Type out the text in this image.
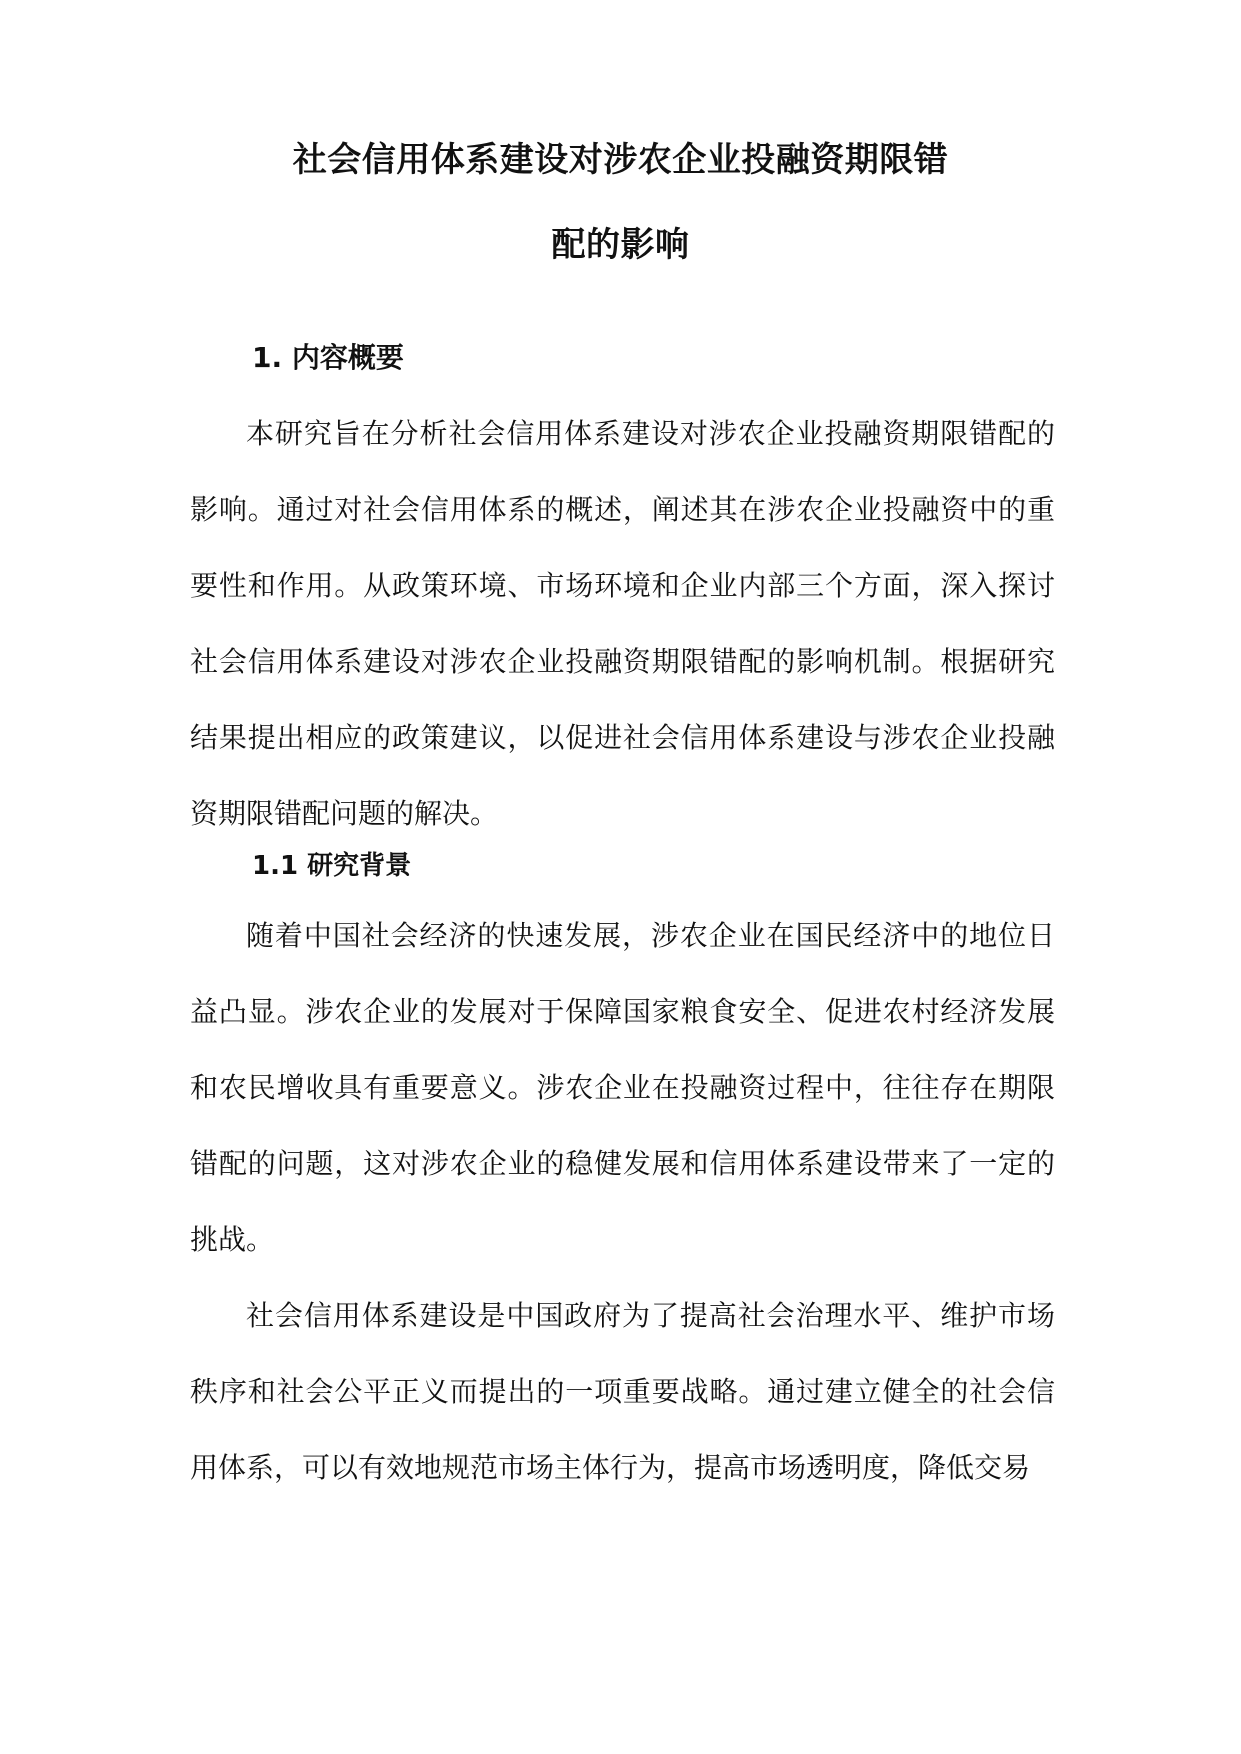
社会信用体系建设对涉农企业投融资期限错
配的影响
1. 内容概要

本研究旨在分析社会信用体系建设对涉农企业投融资期限错配的影响。通过对社会信用体系的概述，阐述其在涉农企业投融资中的重要性和作用。从政策环境、市场环境和企业内部三个方面，深入探讨社会信用体系建设对涉农企业投融资期限错配的影响机制。根据研究结果提出相应的政策建议，以促进社会信用体系建设与涉农企业投融资期限错配问题的解决。

1.1 研究背景

随着中国社会经济的快速发展，涉农企业在国民经济中的地位日益凸显。涉农企业的发展对于保障国家粮食安全、促进农村经济发展和农民增收具有重要意义。涉农企业在投融资过程中，往往存在期限错配的问题，这对涉农企业的稳健发展和信用体系建设带来了一定的挑战。

社会信用体系建设是中国政府为了提高社会治理水平、维护市场秩序和社会公平正义而提出的一项重要战略。通过建立健全的社会信用体系，可以有效地规范市场主体行为，提高市场透明度，降低交易
